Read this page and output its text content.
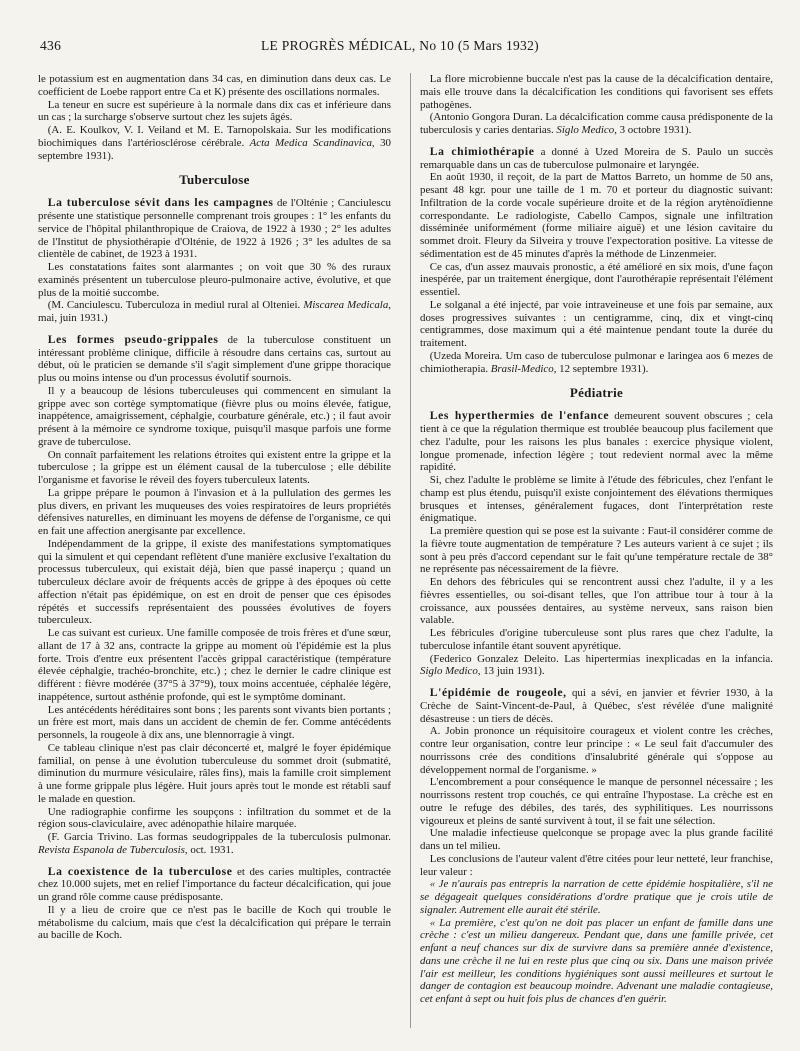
436	LE PROGRÈS MÉDICAL, No 10 (5 Mars 1932)

le potassium est en augmentation dans 34 cas, en diminution dans deux cas. Le coefficient de Loebe rapport entre Ca et K) présente des oscillations normales.

La teneur en sucre est supérieure à la normale dans dix cas et inférieure dans un cas ; la surcharge s'observe surtout chez les sujets âgés.

(A. E. Koulkov, V. I. Veiland et M. E. Tarnopolskaia. Sur les modifications biochimiques dans l'artériosclérose cérébrale. Acta Medica Scandinavica, 30 septembre 1931).

Tuberculose

La tuberculose sévit dans les campagnes de l'Olténie ; Canciulescu présente une statistique personnelle comprenant trois groupes : 1° les enfants du service de l'hôpital philanthropique de Craiova, de 1922 à 1930 ; 2° les adultes de l'Institut de physiothérapie d'Olténie, de 1922 à 1926 ; 3° les adultes de sa clientèle de cabinet, de 1923 à 1931.

Les constatations faites sont alarmantes ; on voit que 30 % des ruraux examinés présentent un tuberculose pleuro-pulmonaire active, évolutive, et que plus de la moitié succombe.

(M. Canciulescu. Tuberculoza in mediul rural al Olteniei. Miscarea Medicala, mai, juin 1931.)

Les formes pseudo-grippales de la tuberculose constituent un intéressant problème clinique, difficile à résoudre dans certains cas, surtout au début, où le praticien se demande s'il s'agit simplement d'une grippe thoracique plus ou moins intense ou d'un processus évolutif sournois.

Il y a beaucoup de lésions tuberculeuses qui commencent en simulant la grippe avec son cortège symptomatique (fièvre plus ou moins élevée, fatigue, inappétence, amaigrissement, céphalgie, courbature générale, etc.) ; il faut avoir présent à la mémoire ce syndrome toxique, puisqu'il masque parfois une forme grave de tuberculose.

On connaît parfaitement les relations étroites qui existent entre la grippe et la tuberculose ; la grippe est un élément causal de la tuberculose ; elle débilite l'organisme et favorise le réveil des foyers tuberculeux latents.

La grippe prépare le poumon à l'invasion et à la pullulation des germes les plus divers, en privant les muqueuses des voies respiratoires de leurs propriétés défensives naturelles, en diminuant les moyens de défense de l'organisme, ce qui en fait une affection anergisante par excellence.

Indépendamment de la grippe, il existe des manifestations symptomatiques qui la simulent et qui cependant reflètent d'une manière exclusive l'exaltation du processus tuberculeux, qui existait déjà, bien que passé inaperçu ; quand un tuberculeux déclare avoir de fréquents accès de grippe à des époques où cette affection n'était pas épidémique, on est en droit de penser que ces épisodes répétés et successifs représentaient des poussées évolutives de foyers tuberculeux.

Le cas suivant est curieux. Une famille composée de trois frères et d'une sœur, allant de 17 à 32 ans, contracte la grippe au moment où l'épidémie est la plus forte. Trois d'entre eux présentent l'accès grippal caractéristique (température élevée céphalgie, trachéo-bronchite, etc.) ; chez le dernier le cadre clinique est différent : fièvre modérée (37°5 à 37°9), toux moins accentuée, céphalée légère, inappétence, surtout asthénie profonde, qui est le symptôme dominant.

Les antécédents héréditaires sont bons ; les parents sont vivants bien portants ; un frère est mort, mais dans un accident de chemin de fer. Comme antécédents personnels, la rougeole à dix ans, une blennorragie à vingt.

Ce tableau clinique n'est pas clair déconcerté et, malgré le foyer épidémique familial, on pense à une évolution tuberculeuse du sommet droit (submatité, diminution du murmure vésiculaire, râles fins), mais la famille croit simplement à une forme grippale plus légère. Huit jours après tout le monde est rétabli sauf le malade en question.

Une radiographie confirme les soupçons : infiltration du sommet et de la région sous-claviculaire, avec adénopathie hilaire marquée.

(F. Garcia Trivino. Las formas seudogrippales de la tuberculosis pulmonar. Revista Espanola de Tuberculosis, oct. 1931.

La coexistence de la tuberculose et des caries multiples, contractée chez 10.000 sujets, met en relief l'importance du facteur décalcification, qui joue un grand rôle comme cause prédisposante.

Il y a lieu de croire que ce n'est pas le bacille de Koch qui trouble le métabolisme du calcium, mais que c'est la décalcification qui prépare le terrain au bacille de Koch.

La flore microbienne buccale n'est pas la cause de la décalcification dentaire, mais elle trouve dans la décalcification les conditions qui favorisent ses effets pathogènes.

(Antonio Gongora Duran. La décalcification comme causa prédisponente de la tuberculosis y caries dentarias. Siglo Medico, 3 octobre 1931).

La chimiothérapie a donné à Uzed Moreira de S. Paulo un succès remarquable dans un cas de tuberculose pulmonaire et laryngée.

En août 1930, il reçoit, de la part de Mattos Barreto, un homme de 50 ans, pesant 48 kgr. pour une taille de 1 m. 70 et porteur du diagnostic suivant: Infiltration de la corde vocale supérieure droite et de la région arytènoïdienne correspondante. Le radiologiste, Cabello Campos, signale une infiltration disséminée uniformément (forme miliaire aiguë) et une lésion cavitaire du sommet droit. Fleury da Silveira y trouve l'expectoration positive. La vitesse de sédimentation est de 45 minutes d'après la méthode de Linzenmeier.

Ce cas, d'un assez mauvais pronostic, a été amélioré en six mois, d'une façon inespérée, par un traitement énergique, dont l'aurothérapie représentait l'élément essentiel.

Le solganal a été injecté, par voie intraveineuse et une fois par semaine, aux doses progressives suivantes : un centigramme, cinq, dix et vingt-cinq centigrammes, dose maximum qui a été maintenue pendant toute la durée du traitement.

(Uzeda Moreira. Um caso de tuberculose pulmonar e laringea aos 6 mezes de chimiotherapia. Brasil-Medico, 12 septembre 1931).

Pédiatrie

Les hyperthermies de l'enfance demeurent souvent obscures ; cela tient à ce que la régulation thermique est troublée beaucoup plus facilement que chez l'adulte, pour les raisons les plus banales : exercice physique violent, longue promenade, infection légère ; tout redevient normal avec la même rapidité.

Si, chez l'adulte le problème se limite à l'étude des fébricules, chez l'enfant le champ est plus étendu, puisqu'il existe conjointement des élévations thermiques brusques et intenses, généralement fugaces, dont l'interprétation reste énigmatique.

La première question qui se pose est la suivante : Faut-il considérer comme de la fièvre toute augmentation de température ? Les auteurs varient à ce sujet ; ils sont à peu près d'accord cependant sur le fait qu'une température rectale de 38° ne représente pas nécessairement de la fièvre.

En dehors des fébricules qui se rencontrent aussi chez l'adulte, il y a les fièvres essentielles, ou soi-disant telles, que l'on attribue tour à tour à la croissance, aux poussées dentaires, au système nerveux, sans raison bien valable.

Les fébricules d'origine tuberculeuse sont plus rares que chez l'adulte, la tuberculose infantile étant souvent apyrétique.

(Federico Gonzalez Deleito. Las hipertermias inexplicadas en la infancia. Siglo Medico, 13 juin 1931).

L'épidémie de rougeole, qui a sévi, en janvier et février 1930, à la Crèche de Saint-Vincent-de-Paul, à Québec, s'est révélée d'une malignité désastreuse : un tiers de décès.

A. Jobin prononce un réquisitoire courageux et violent contre les crèches, contre leur organisation, contre leur principe : « Le seul fait d'accumuler des nourrissons crée des conditions d'insalubrité générale qui s'oppose au développement normal de l'organisme. »

L'encombrement a pour conséquence le manque de personnel nécessaire ; les nourrissons restent trop couchés, ce qui entraîne l'hypostase. La crèche est en outre le refuge des débiles, des tarés, des syphilitiques. Les nourrissons vigoureux et pleins de santé survivent à tout, il se fait une sélection.

Une maladie infectieuse quelconque se propage avec la plus grande facilité dans un tel milieu.

Les conclusions de l'auteur valent d'être citées pour leur netteté, leur franchise, leur valeur :

« Je n'aurais pas entrepris la narration de cette épidémie hospitalière, s'il ne se dégageait quelques considérations d'ordre pratique que je crois utile de signaler. Autrement elle aurait été stérile.

« La première, c'est qu'on ne doit pas placer un enfant de famille dans une crèche : c'est un milieu dangereux. Pendant que, dans une famille privée, cet enfant a neuf chances sur dix de survivre dans sa première année d'existence, dans une crèche il ne lui en reste plus que cinq ou six. Dans une maison privée l'air est meilleur, les conditions hygiéniques sont aussi meilleures et surtout le danger de contagion est beaucoup moindre. Advenant une maladie contagieuse, cet enfant à sept ou huit fois plus de chances d'en guérir.
